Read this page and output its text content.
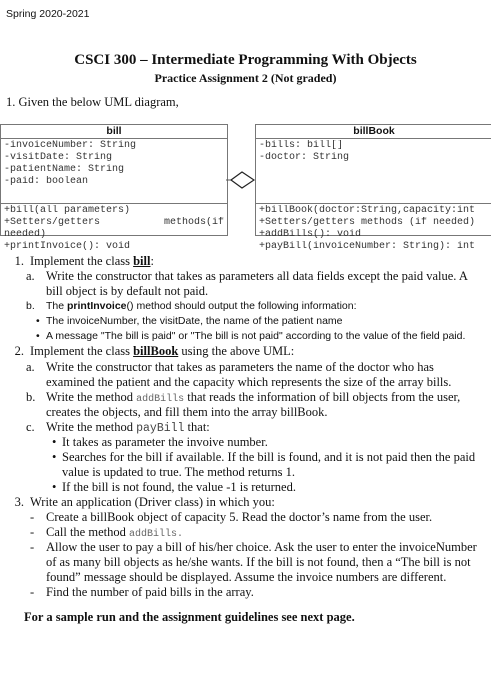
Spring 2020-2021
CSCI 300 – Intermediate Programming With Objects
Practice Assignment 2 (Not graded)
1. Given the below UML diagram,
bill
-invoiceNumber: String
-visitDate: String
-patientName: String
-paid: boolean
+bill(all parameters)
+Setters/getters	methods(if
needed)
+printInvoice(): void
billBook
-bills: bill[]
-doctor: String
+billBook(doctor:String,capacity:int
+Setters/getters methods (if needed)
+addBills(): void
+payBill(invoiceNumber: String): int
1. Implement the class bill:
a. Write the constructor that takes as parameters all data fields except the paid value. A
bill object is by default not paid.
b. The printInvoice() method should output the following information:
• The invoiceNumber, the visitDate, the name of the patient name
• A message "The bill is paid" or "The bill is not paid" according to the value of the field paid.
2. Implement the class billBook using the above UML:
a. Write the constructor that takes as parameters the name of the doctor who has
examined the patient and the capacity which represents the size of the array bills.
b. Write the method addBills that reads the information of bill objects from the user,
creates the objects, and fill them into the array billBook.
c. Write the method payBill that:
• It takes as parameter the invoive number.
• Searches for the bill if available. If the bill is found, and it is not paid then the paid
value is updated to true. The method returns 1.
• If the bill is not found, the value -1 is returned.
3. Write an application (Driver class) in which you:
- Create a billBook object of capacity 5. Read the doctor’s name from the user.
- Call the method addBills.
- Allow the user to pay a bill of his/her choice. Ask the user to enter the invoiceNumber
of as many bill objects as he/she wants. If the bill is not found, then a “The bill is not
found” message should be displayed. Assume the invoice numbers are different.
- Find the number of paid bills in the array.
For a sample run and the assignment guidelines see next page.
